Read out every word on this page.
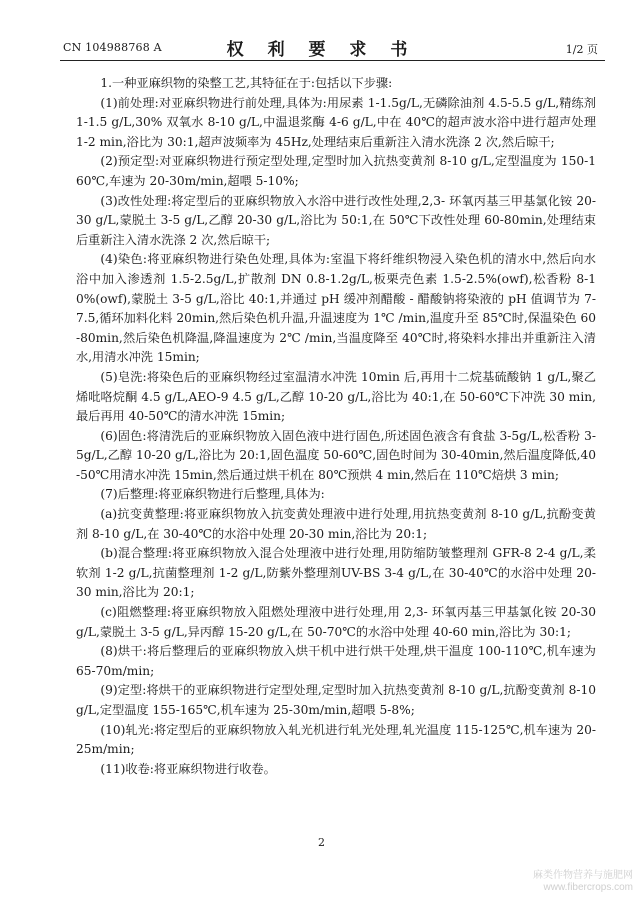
CN 104988768 A	权 利 要 求 书	1/2 页

1.一种亚麻织物的染整工艺,其特征在于:包括以下步骤:

(1)前处理:对亚麻织物进行前处理,具体为:用尿素 1-1.5g/L,无磷除油剂 4.5-5.5 g/L,精练剂 1-1.5 g/L,30% 双氧水 8-10 g/L,中温退浆酶 4-6 g/L,中在 40℃的超声波水浴中进行超声处理 1-2 min,浴比为 30:1,超声波频率为 45Hz,处理结束后重新注入清水洗涤 2 次,然后晾干;

(2)预定型:对亚麻织物进行预定型处理,定型时加入抗热变黄剂 8-10 g/L,定型温度为 150-160℃,车速为 20-30m/min,超喂 5-10%;

(3)改性处理:将定型后的亚麻织物放入水浴中进行改性处理,2,3- 环氧丙基三甲基氯化铵 20-30 g/L,蒙脱土 3-5 g/L,乙醇 20-30 g/L,浴比为 50:1,在 50℃下改性处理 60-80min,处理结束后重新注入清水洗涤 2 次,然后晾干;

(4)染色:将亚麻织物进行染色处理,具体为:室温下将纤维织物浸入染色机的清水中,然后向水浴中加入渗透剂 1.5-2.5g/L,扩散剂 DN 0.8-1.2g/L,板栗壳色素 1.5-2.5%(owf),松香粉 8-10%(owf),蒙脱土 3-5 g/L,浴比 40:1,并通过 pH 缓冲剂醋酸 - 醋酸钠将染液的 pH 值调节为 7-7.5,循环加料化料 20min,然后染色机升温,升温速度为 1℃ /min,温度升至 85℃时,保温染色 60-80min,然后染色机降温,降温速度为 2℃ /min,当温度降至 40℃时,将染料水排出并重新注入清水,用清水冲洗 15min;

(5)皂洗:将染色后的亚麻织物经过室温清水冲洗 10min 后,再用十二烷基硫酸钠 1 g/L,聚乙烯吡咯烷酮 4.5 g/L,AEO-9 4.5 g/L,乙醇 10-20 g/L,浴比为 40:1,在 50-60℃下冲洗 30 min,最后再用 40-50℃的清水冲洗 15min;

(6)固色:将清洗后的亚麻织物放入固色液中进行固色,所述固色液含有食盐 3-5g/L,松香粉 3-5g/L,乙醇 10-20 g/L,浴比为 20:1,固色温度 50-60℃,固色时间为 30-40min,然后温度降低,40-50℃用清水冲洗 15min,然后通过烘干机在 80℃预烘 4 min,然后在 110℃焙烘 3 min;

(7)后整理:将亚麻织物进行后整理,具体为:

(a)抗变黄整理:将亚麻织物放入抗变黄处理液中进行处理,用抗热变黄剂 8-10 g/L,抗酚变黄剂 8-10 g/L,在 30-40℃的水浴中处理 20-30 min,浴比为 20:1;

(b)混合整理:将亚麻织物放入混合处理液中进行处理,用防缩防皱整理剂 GFR-8 2-4 g/L,柔软剂 1-2 g/L,抗菌整理剂 1-2 g/L,防紫外整理剂UV-BS 3-4 g/L,在 30-40℃的水浴中处理 20-30 min,浴比为 20:1;

(c)阻燃整理:将亚麻织物放入阻燃处理液中进行处理,用 2,3- 环氧丙基三甲基氯化铵 20-30 g/L,蒙脱土 3-5 g/L,异丙醇 15-20 g/L,在 50-70℃的水浴中处理 40-60 min,浴比为 30:1;

(8)烘干:将后整理后的亚麻织物放入烘干机中进行烘干处理,烘干温度 100-110℃,机车速为 65-70m/min;

(9)定型:将烘干的亚麻织物进行定型处理,定型时加入抗热变黄剂 8-10 g/L,抗酚变黄剂 8-10 g/L,定型温度 155-165℃,机车速为 25-30m/min,超喂 5-8%;

(10)轧光:将定型后的亚麻织物放入轧光机进行轧光处理,轧光温度 115-125℃,机车速为 20-25m/min;

(11)收卷:将亚麻织物进行收卷。

2
麻类作物营养与施肥网
www.fibercrops.com
